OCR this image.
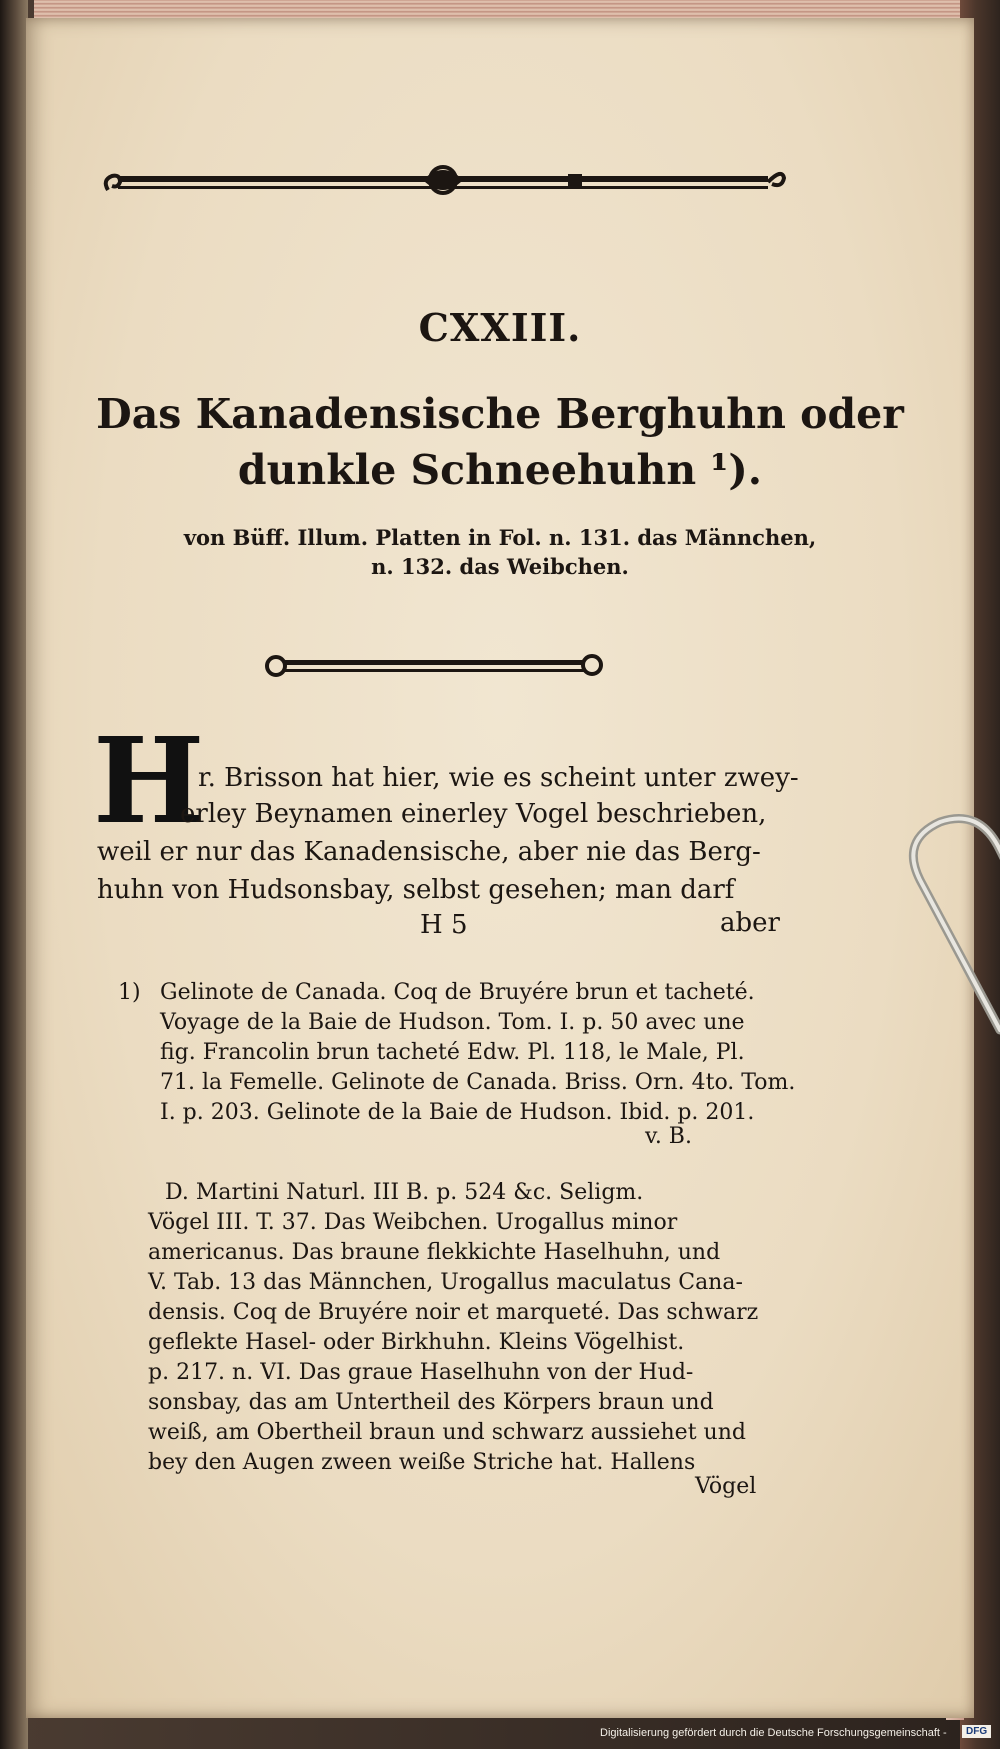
CXXIII.
Das Kanadensische Berghuhn oder
dunkle Schneehuhn ¹).
von Büff. Illum. Platten in Fol. n. 131. das Männchen,
n. 132. das Weibchen.
H
r. Brisson hat hier, wie es scheint unter zwey-
erley Beynamen einerley Vogel beschrieben,
weil er nur das Kanadensische, aber nie das Berg-
huhn von Hudsonsbay, selbst gesehen; man darf
H 5	aber
1) Gelinote de Canada. Coq de Bruyére brun et tacheté.
Voyage de la Baie de Hudson. Tom. I. p. 50 avec une
fig. Francolin brun tacheté Edw. Pl. 118, le Male, Pl.
71. la Femelle. Gelinote de Canada. Briss. Orn. 4to. Tom.
I. p. 203. Gelinote de la Baie de Hudson. Ibid. p. 201.
v. B.
D. Martini Naturl. III B. p. 524 &c. Seligm.
Vögel III. T. 37. Das Weibchen. Urogallus minor
americanus. Das braune flekkichte Haselhuhn, und
V. Tab. 13 das Männchen, Urogallus maculatus Cana-
densis. Coq de Bruyére noir et marqueté. Das schwarz
geflekte Hasel- oder Birkhuhn. Kleins Vögelhist.
p. 217. n. VI. Das graue Haselhuhn von der Hud-
sonsbay, das am Untertheil des Körpers braun und
weiß, am Obertheil braun und schwarz aussiehet und
bey den Augen zween weiße Striche hat. Hallens
Vögel
Digitalisierung gefördert durch die Deutsche Forschungsgemeinschaft -	DFG
